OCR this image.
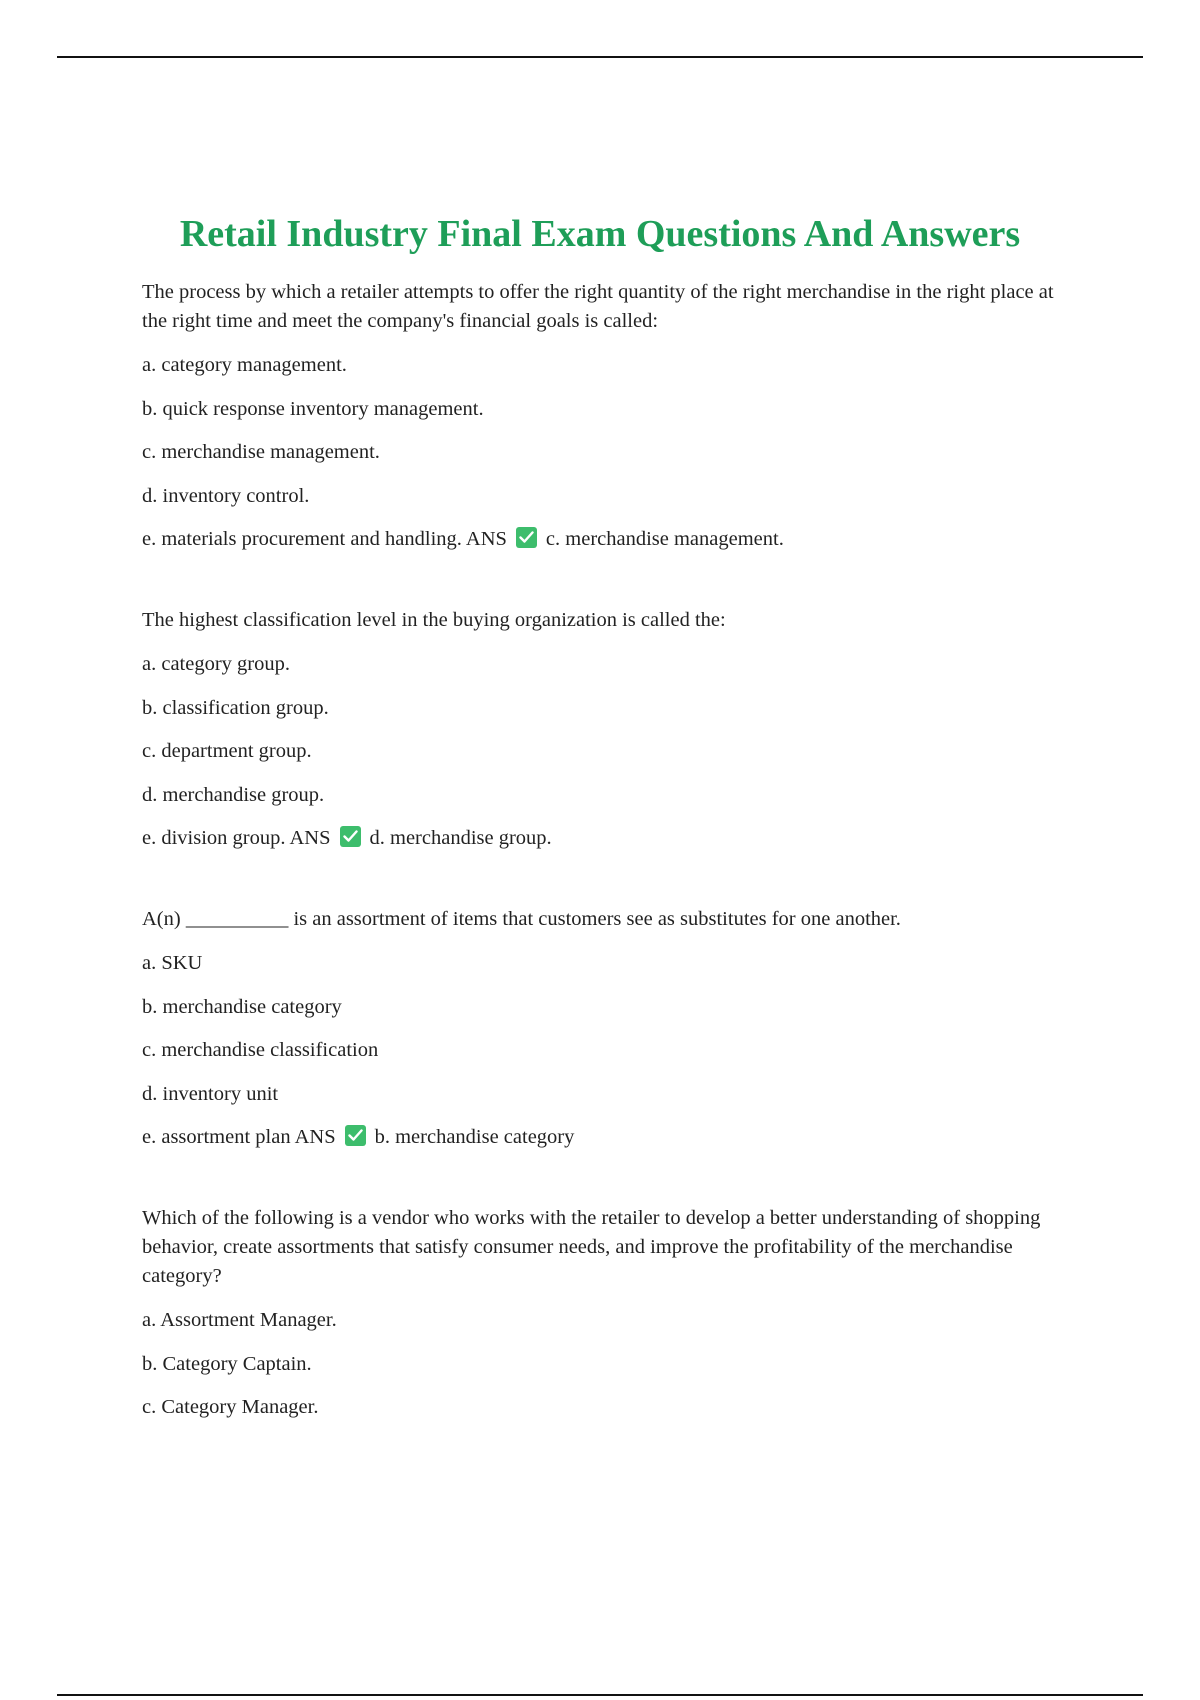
Retail Industry Final Exam Questions And Answers

The process by which a retailer attempts to offer the right quantity of the right merchandise in the right place at the right time and meet the company's financial goals is called:

a. category management.
b. quick response inventory management.
c. merchandise management.
d. inventory control.
e. materials procurement and handling. ANS c. merchandise management.

The highest classification level in the buying organization is called the:

a. category group.
b. classification group.
c. department group.
d. merchandise group.
e. division group. ANS d. merchandise group.

A(n) __________ is an assortment of items that customers see as substitutes for one another.

a. SKU
b. merchandise category
c. merchandise classification
d. inventory unit
e. assortment plan ANS b. merchandise category

Which of the following is a vendor who works with the retailer to develop a better understanding of shopping behavior, create assortments that satisfy consumer needs, and improve the profitability of the merchandise category?

a. Assortment Manager.
b. Category Captain.
c. Category Manager.
